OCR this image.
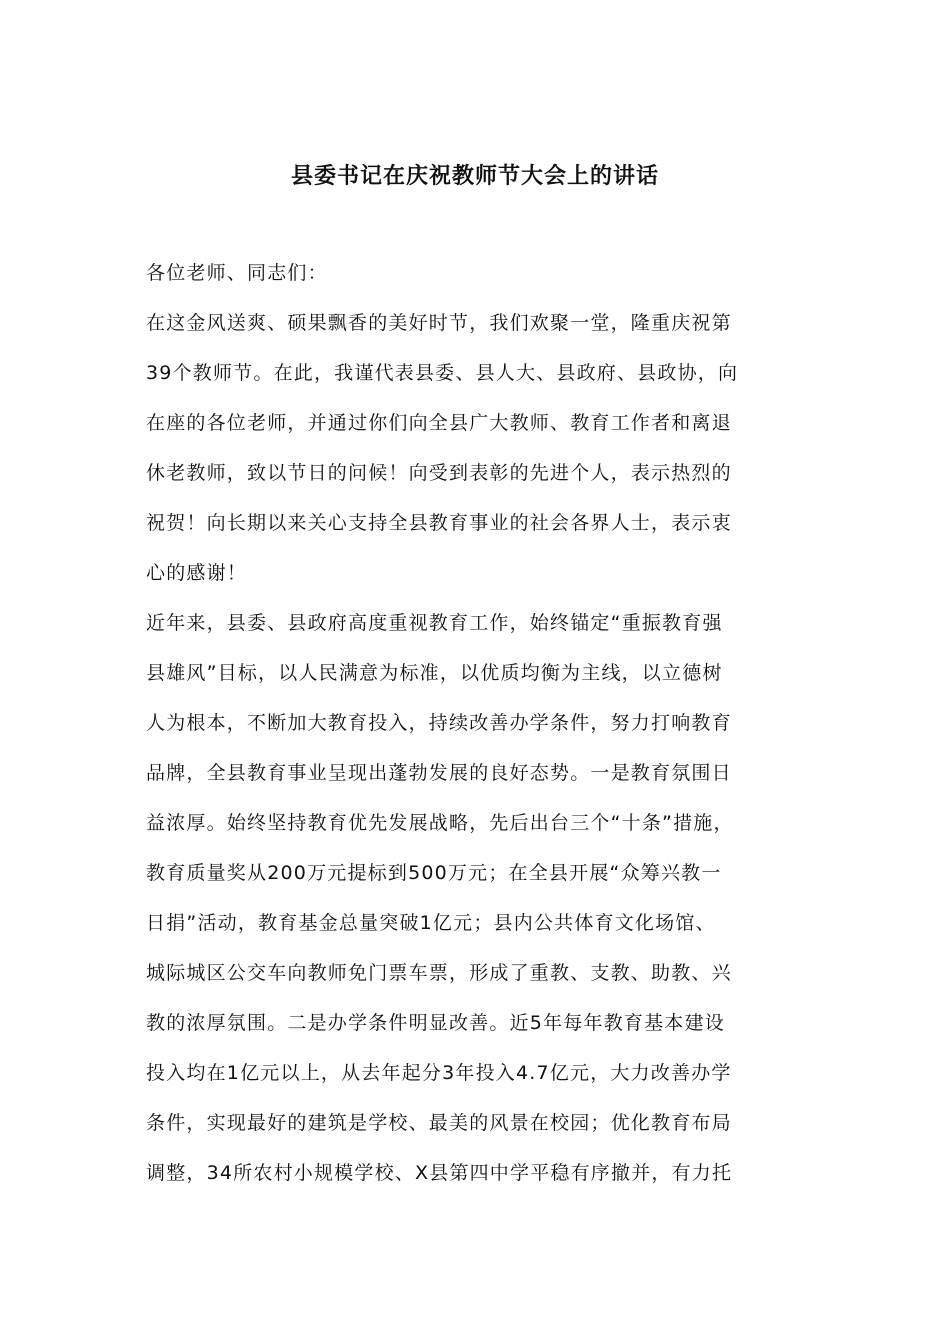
县委书记在庆祝教师节大会上的讲话
各位老师、同志们：
在这金风送爽、硕果飘香的美好时节，我们欢聚一堂，隆重庆祝第
39个教师节。在此，我谨代表县委、县人大、县政府、县政协，向
在座的各位老师，并通过你们向全县广大教师、教育工作者和离退
休老教师，致以节日的问候！向受到表彰的先进个人，表示热烈的
祝贺！向长期以来关心支持全县教育事业的社会各界人士，表示衷
心的感谢！
近年来，县委、县政府高度重视教育工作，始终锚定“重振教育强
县雄风”目标，以人民满意为标准，以优质均衡为主线，以立德树
人为根本，不断加大教育投入，持续改善办学条件，努力打响教育
品牌，全县教育事业呈现出蓬勃发展的良好态势。一是教育氛围日
益浓厚。始终坚持教育优先发展战略，先后出台三个“十条”措施，
教育质量奖从200万元提标到500万元；在全县开展“众筹兴教一
日捐”活动，教育基金总量突破1亿元；县内公共体育文化场馆、
城际城区公交车向教师免门票车票，形成了重教、支教、助教、兴
教的浓厚氛围。二是办学条件明显改善。近5年每年教育基本建设
投入均在1亿元以上，从去年起分3年投入4.7亿元，大力改善办学
条件，实现最好的建筑是学校、最美的风景在校园；优化教育布局
调整，34所农村小规模学校、X县第四中学平稳有序撤并，有力托
